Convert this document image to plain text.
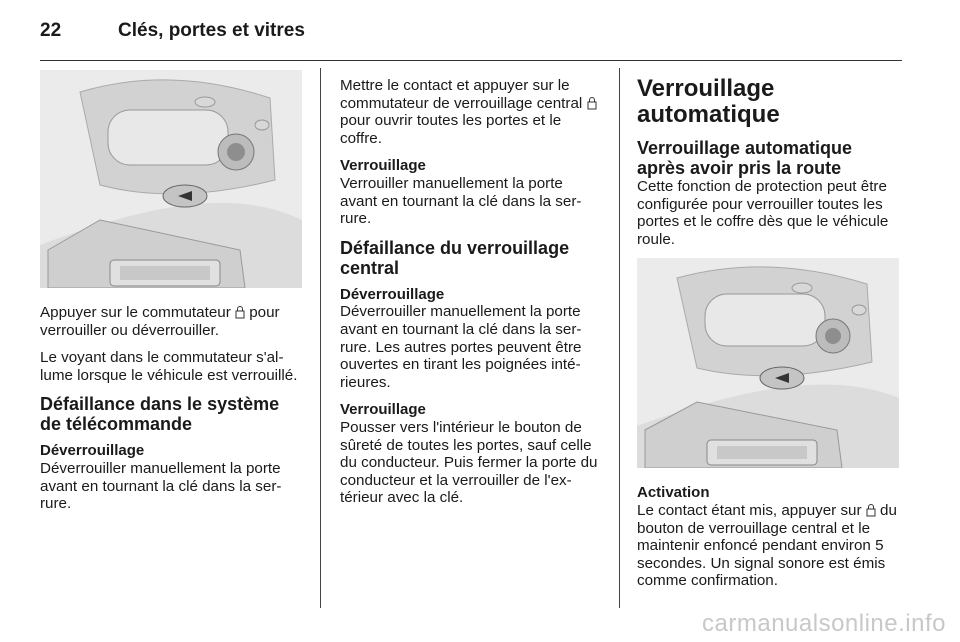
22	Clés, portes et vitres

Appuyer sur le commutateur  pour verrouiller ou déverrouiller.

Le voyant dans le commutateur s'allume lorsque le véhicule est verrouillé.

Défaillance dans le système de télécommande
Déverrouillage

Déverrouiller manuellement la porte avant en tournant la clé dans la serrure.

Mettre le contact et appuyer sur le commutateur de verrouillage central  pour ouvrir toutes les portes et le coffre.

Verrouillage

Verrouiller manuellement la porte avant en tournant la clé dans la serrure.

Défaillance du verrouillage central
Déverrouillage

Déverrouiller manuellement la porte avant en tournant la clé dans la serrure. Les autres portes peuvent être ouvertes en tirant les poignées intérieures.

Verrouillage

Pousser vers l'intérieur le bouton de sûreté de toutes les portes, sauf celle du conducteur. Puis fermer la porte du conducteur et la verrouiller de l'extérieur avec la clé.

Verrouillage automatique
Verrouillage automatique après avoir pris la route

Cette fonction de protection peut être configurée pour verrouiller toutes les portes et le coffre dès que le véhicule roule.

Activation

Le contact étant mis, appuyer sur  du bouton de verrouillage central et le maintenir enfoncé pendant environ 5 secondes. Un signal sonore est émis comme confirmation.

carmanualsonline.info
